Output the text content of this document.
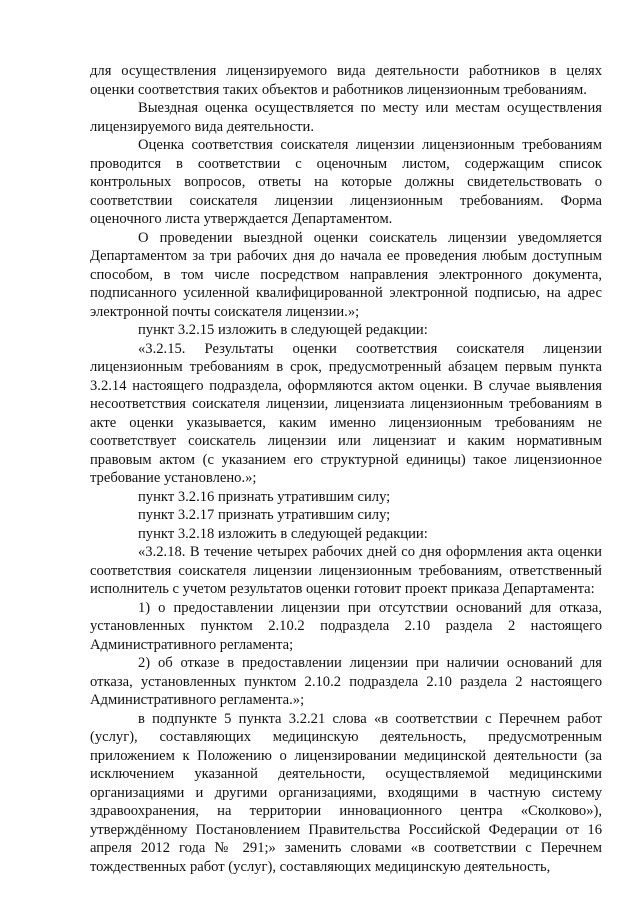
для осуществления лицензируемого вида деятельности работников в целях оценки соответствия таких объектов и работников лицензионным требованиям.

Выездная оценка осуществляется по месту или местам осуществления лицензируемого вида деятельности.

Оценка соответствия соискателя лицензии лицензионным требованиям проводится в соответствии с оценочным листом, содержащим список контрольных вопросов, ответы на которые должны свидетельствовать о соответствии соискателя лицензии лицензионным требованиям. Форма оценочного листа утверждается Департаментом.

О проведении выездной оценки соискатель лицензии уведомляется Департаментом за три рабочих дня до начала ее проведения любым доступным способом, в том числе посредством направления электронного документа, подписанного усиленной квалифицированной электронной подписью, на адрес электронной почты соискателя лицензии.»;

пункт 3.2.15 изложить в следующей редакции:

«3.2.15. Результаты оценки соответствия соискателя лицензии лицензионным требованиям в срок, предусмотренный абзацем первым пункта 3.2.14 настоящего подраздела, оформляются актом оценки. В случае выявления несоответствия соискателя лицензии, лицензиата лицензионным требованиям в акте оценки указывается, каким именно лицензионным требованиям не соответствует соискатель лицензии или лицензиат и каким нормативным правовым актом (с указанием его структурной единицы) такое лицензионное требование установлено.»;

пункт 3.2.16 признать утратившим силу;

пункт 3.2.17 признать утратившим силу;

пункт 3.2.18 изложить в следующей редакции:

«3.2.18. В течение четырех рабочих дней со дня оформления акта оценки соответствия соискателя лицензии лицензионным требованиям, ответственный исполнитель с учетом результатов оценки готовит проект приказа Департамента:

1) о предоставлении лицензии при отсутствии оснований для отказа, установленных пунктом 2.10.2 подраздела 2.10 раздела 2 настоящего Административного регламента;

2) об отказе в предоставлении лицензии при наличии оснований для отказа, установленных пунктом 2.10.2 подраздела 2.10 раздела 2 настоящего Административного регламента.»;

в подпункте 5 пункта 3.2.21 слова «в соответствии с Перечнем работ (услуг), составляющих медицинскую деятельность, предусмотренным приложением к Положению о лицензировании медицинской деятельности (за исключением указанной деятельности, осуществляемой медицинскими организациями и другими организациями, входящими в частную систему здравоохранения, на территории инновационного центра «Сколково»), утверждённому Постановлением Правительства Российской Федерации от 16 апреля 2012 года № 291;» заменить словами «в соответствии с Перечнем тождественных работ (услуг), составляющих медицинскую деятельность,
